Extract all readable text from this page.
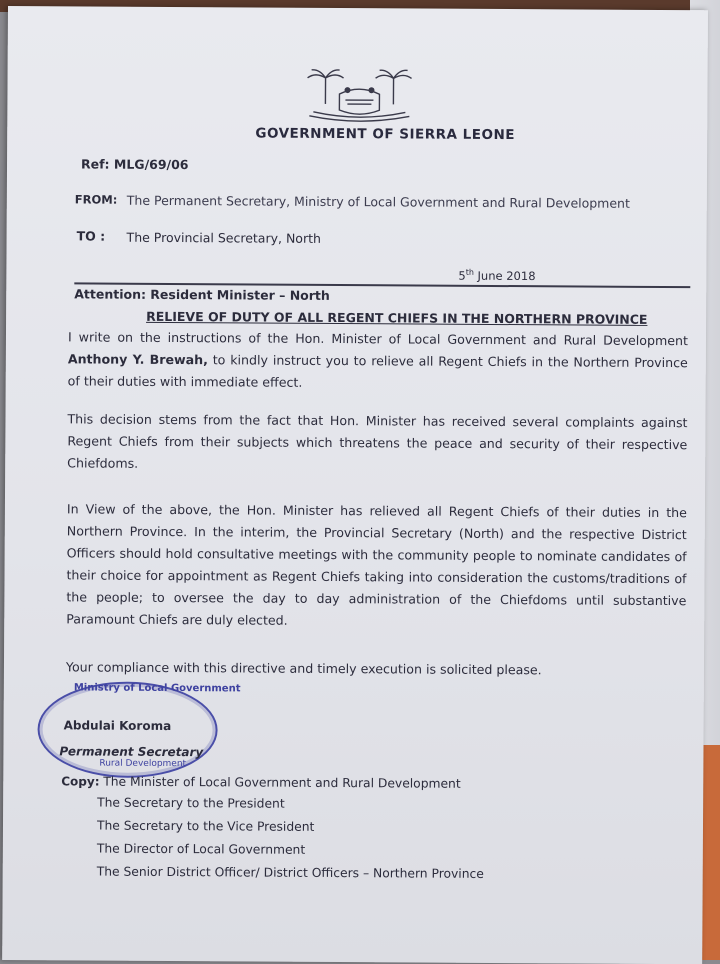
GOVERNMENT OF SIERRA LEONE
Ref: MLG/69/06
FROM: The Permanent Secretary, Ministry of Local Government and Rural Development
TO : The Provincial Secretary, North
5th June 2018
Attention: Resident Minister – North
RELIEVE OF DUTY OF ALL REGENT CHIEFS IN THE NORTHERN PROVINCE
I write on the instructions of the Hon. Minister of Local Government and Rural Development Anthony Y. Brewah, to kindly instruct you to relieve all Regent Chiefs in the Northern Province of their duties with immediate effect.
This decision stems from the fact that Hon. Minister has received several complaints against Regent Chiefs from their subjects which threatens the peace and security of their respective Chiefdoms.
In View of the above, the Hon. Minister has relieved all Regent Chiefs of their duties in the Northern Province. In the interim, the Provincial Secretary (North) and the respective District Officers should hold consultative meetings with the community people to nominate candidates of their choice for appointment as Regent Chiefs taking into consideration the customs/traditions of the people; to oversee the day to day administration of the Chiefdoms until substantive Paramount Chiefs are duly elected.
Your compliance with this directive and timely execution is solicited please.
Ministry of Local Government
Rural Development
Abdulai Koroma
Permanent Secretary
Copy: The Minister of Local Government and Rural Development
The Secretary to the President
The Secretary to the Vice President
The Director of Local Government
The Senior District Officer/ District Officers – Northern Province
